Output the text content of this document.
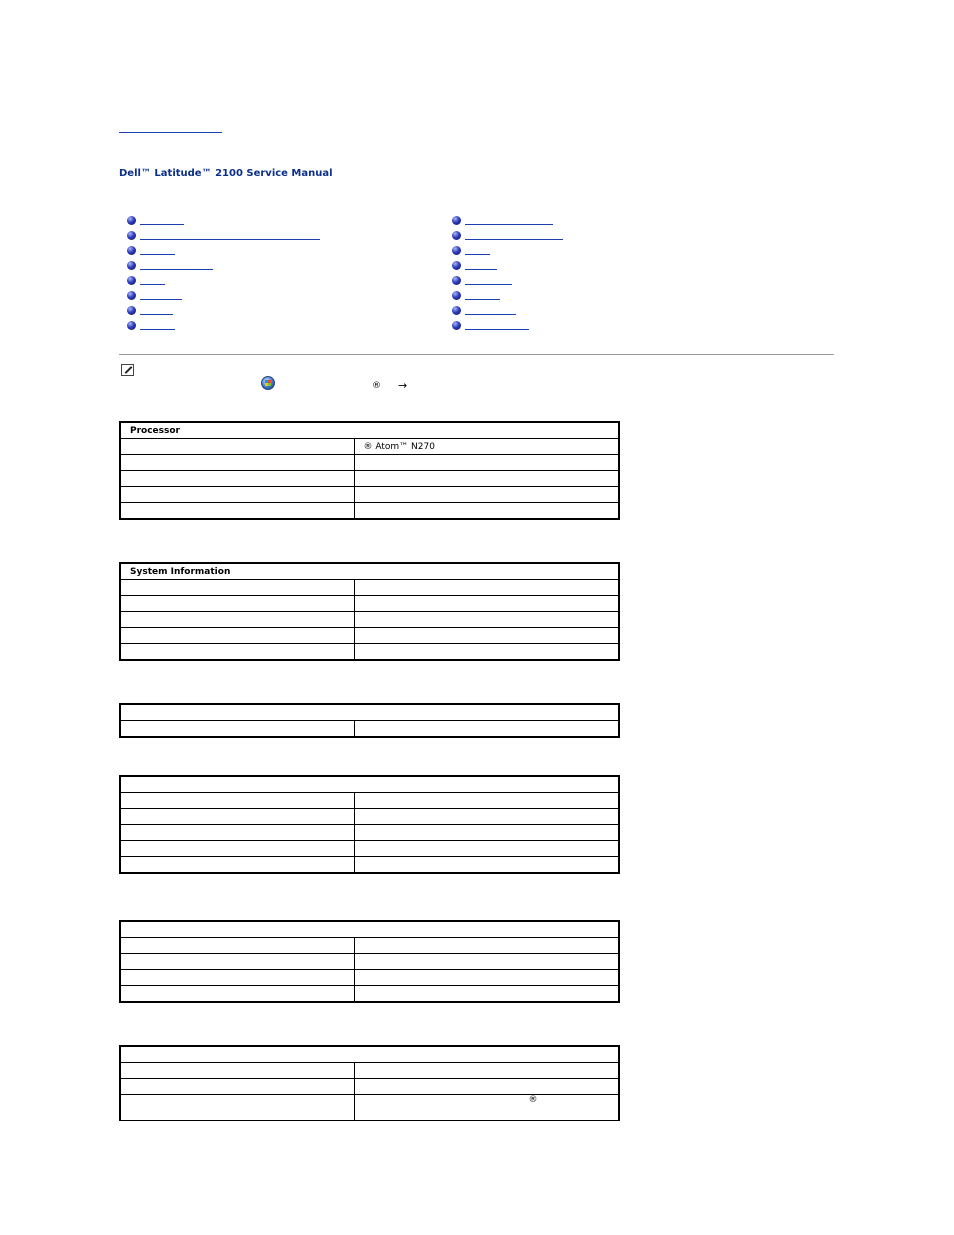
Dell™ Latitude™ 2100 Service Manual
® →
Processor	
	® Atom™ N270

System Information	

	®
